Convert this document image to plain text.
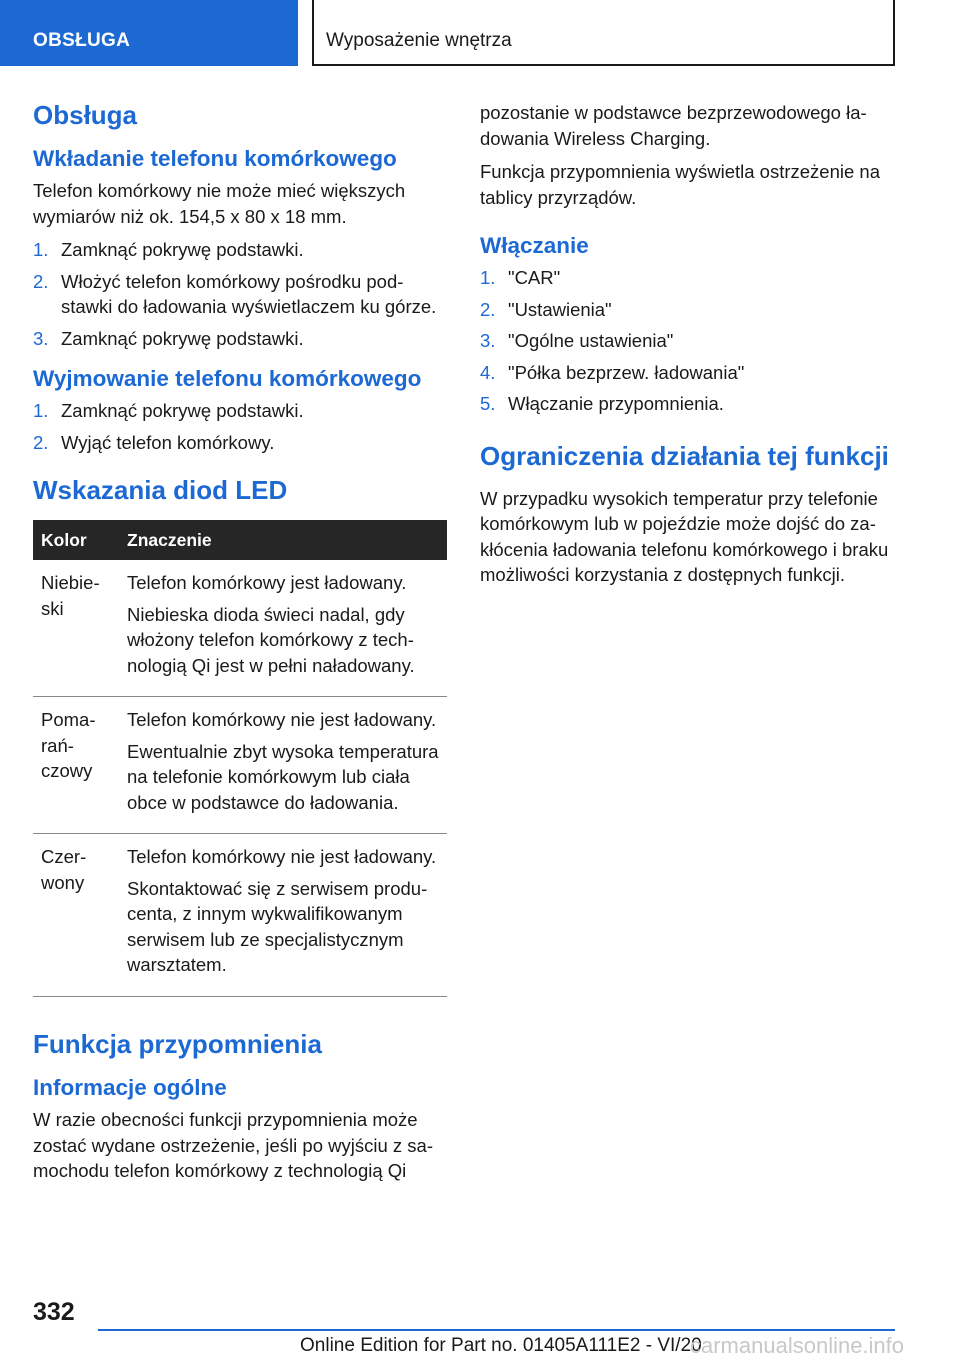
OBSŁUGA	Wyposażenie wnętrza
Obsługa
Wkładanie telefonu komórkowego

Telefon komórkowy nie może mieć większych wymiarów niż ok. 154,5 x 80 x 18 mm.

1. Zamknąć pokrywę podstawki.
2. Włożyć telefon komórkowy pośrodku podstawki do ładowania wyświetlaczem ku górze.
3. Zamknąć pokrywę podstawki.
Wyjmowanie telefonu komórkowego
1. Zamknąć pokrywę podstawki.
2. Wyjąć telefon komórkowy.
Wskazania diod LED
Kolor	Znaczenie
Niebieski	Telefon komórkowy jest ładowany.

Niebieska dioda świeci nadal, gdy włożony telefon komórkowy z technologią Qi jest w pełni naładowany.

Pomarańczowy	Telefon komórkowy nie jest ładowany.

Ewentualnie zbyt wysoka temperatura na telefonie komórkowym lub ciała obce w podstawce do ładowania.

Czerwony	Telefon komórkowy nie jest ładowany.

Skontaktować się z serwisem producenta, z innym wykwalifikowanym serwisem lub ze specjalistycznym warsztatem.

Funkcja przypomnienia
Informacje ogólne

W razie obecności funkcji przypomnienia może zostać wydane ostrzeżenie, jeśli po wyjściu z samochodu telefon komórkowy z technologią Qi

pozostanie w podstawce bezprzewodowego ładowania Wireless Charging.

Funkcja przypomnienia wyświetla ostrzeżenie na tablicy przyrządów.

Włączanie
1. "CAR"
2. "Ustawienia"
3. "Ogólne ustawienia"
4. "Półka bezprzew. ładowania"
5. Włączanie przypomnienia.
Ograniczenia działania tej funkcji

W przypadku wysokich temperatur przy telefonie komórkowym lub w pojeździe może dojść do zakłócenia ładowania telefonu komórkowego i braku możliwości korzystania z dostępnych funkcji.

332
Online Edition for Part no. 01405A111E2 - VI/20
carmanualsonline.info
